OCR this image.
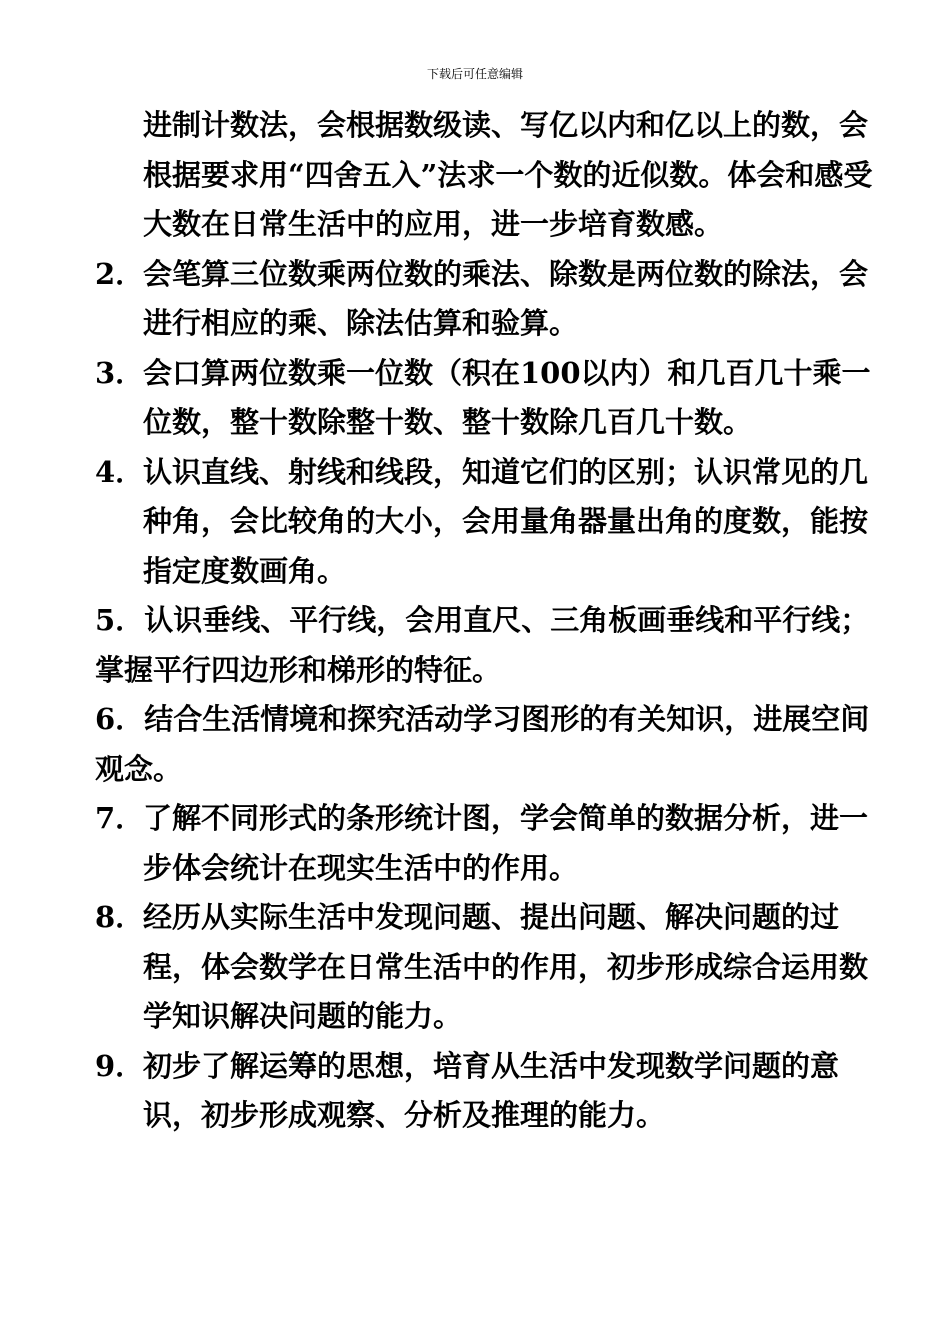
下载后可任意编辑

进制计数法，会根据数级读、写亿以内和亿以上的数，会根据要求用“四舍五入”法求一个数的近似数。体会和感受大数在日常生活中的应用，进一步培育数感。

2．
会笔算三位数乘两位数的乘法、除数是两位数的除法，会进行相应的乘、除法估算和验算。

3．
会口算两位数乘一位数（积在100以内）和几百几十乘一位数，整十数除整十数、整十数除几百几十数。

4．
认识直线、射线和线段，知道它们的区别；认识常见的几种角，会比较角的大小，会用量角器量出角的度数，能按指定度数画角。

5．认识垂线、平行线，会用直尺、三角板画垂线和平行线；掌握平行四边形和梯形的特征。

6．结合生活情境和探究活动学习图形的有关知识，进展空间观念。

7．
了解不同形式的条形统计图，学会简单的数据分析，进一步体会统计在现实生活中的作用。

8．
经历从实际生活中发现问题、提出问题、解决问题的过程，体会数学在日常生活中的作用，初步形成综合运用数学知识解决问题的能力。

9．
初步了解运筹的思想，培育从生活中发现数学问题的意识，初步形成观察、分析及推理的能力。
